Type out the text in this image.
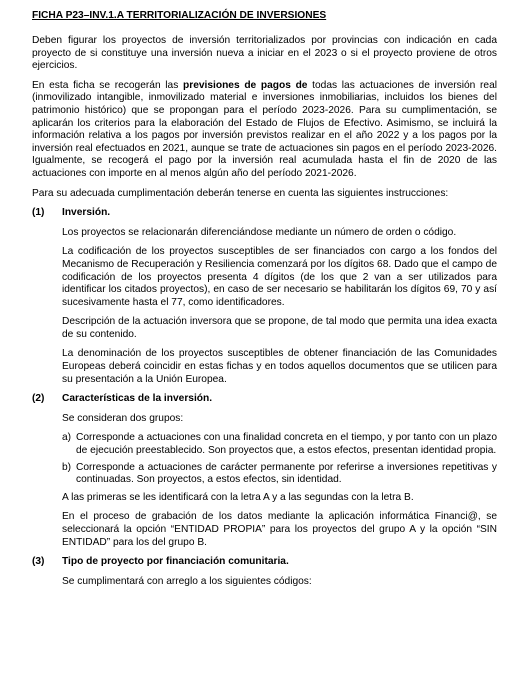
FICHA P23–INV.1.A TERRITORIALIZACIÓN DE INVERSIONES

Deben figurar los proyectos de inversión territorializados por provincias con indicación en cada proyecto de si constituye una inversión nueva a iniciar en el 2023 o si el proyecto proviene de otros ejercicios.

En esta ficha se recogerán las previsiones de pagos de todas las actuaciones de inversión real (inmovilizado intangible, inmovilizado material e inversiones inmobiliarias, incluidos los bienes del patrimonio histórico) que se propongan para el período 2023-2026. Para su cumplimentación, se aplicarán los criterios para la elaboración del Estado de Flujos de Efectivo. Asimismo, se incluirá la información relativa a los pagos por inversión previstos realizar en el año 2022 y a los pagos por la inversión real efectuados en 2021, aunque se trate de actuaciones sin pagos en el período 2023-2026. Igualmente, se recogerá el pago por la inversión real acumulada hasta el fin de 2020 de las actuaciones con importe en al menos algún año del período 2021-2026.

Para su adecuada cumplimentación deberán tenerse en cuenta las siguientes instrucciones:

(1)	Inversión.

Los proyectos se relacionarán diferenciándose mediante un número de orden o código.

La codificación de los proyectos susceptibles de ser financiados con cargo a los fondos del Mecanismo de Recuperación y Resiliencia comenzará por los dígitos 68. Dado que el campo de codificación de los proyectos presenta 4 dígitos (de los que 2 van a ser utilizados para identificar los citados proyectos), en caso de ser necesario se habilitarán los dígitos 69, 70 y así sucesivamente hasta el 77, como identificadores.

Descripción de la actuación inversora que se propone, de tal modo que permita una idea exacta de su contenido.

La denominación de los proyectos susceptibles de obtener financiación de las Comunidades Europeas deberá coincidir en estas fichas y en todos aquellos documentos que se utilicen para su presentación a la Unión Europea.

(2)	Características de la inversión.

Se consideran dos grupos:

a) Corresponde a actuaciones con una finalidad concreta en el tiempo, y por tanto con un plazo de ejecución preestablecido. Son proyectos que, a estos efectos, presentan identidad propia.
b) Corresponde a actuaciones de carácter permanente por referirse a inversiones repetitivas y continuadas. Son proyectos, a estos efectos, sin identidad.

A las primeras se les identificará con la letra A y a las segundas con la letra B.

En el proceso de grabación de los datos mediante la aplicación informática Financi@, se seleccionará la opción “ENTIDAD PROPIA” para los proyectos del grupo A y la opción “SIN ENTIDAD” para los del grupo B.

(3)	Tipo de proyecto por financiación comunitaria.

Se cumplimentará con arreglo a los siguientes códigos:
